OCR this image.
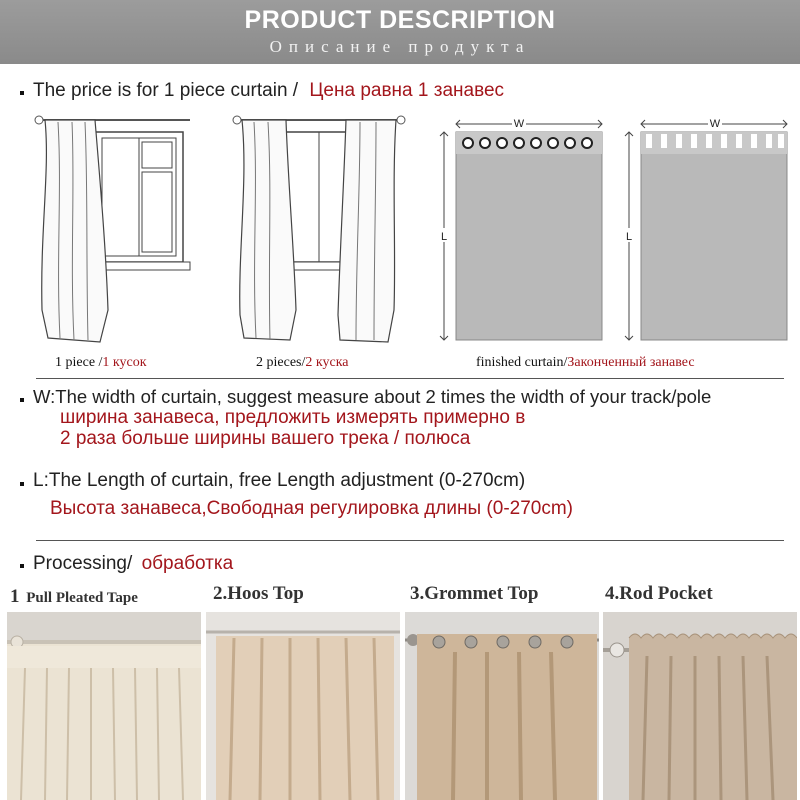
PRODUCT DESCRIPTION
Описание продукта
The price is for 1 piece curtain / Цена равна 1 занавес
1 piece /1 кусок	2 pieces/2 куска
W
L
W
L
finished curtain/Законченный занавес
W:The width of curtain, suggest measure about 2 times the width of your track/pole
ширина занавеса, предложить измерять примерно в
2 раза больше ширины вашего трека / полюса
L:The Length of curtain, free Length adjustment (0-270cm)
Высота занавеса,Свободная регулировка длины (0-270cm)
Processing/ обработка
1 Pull Pleated Tape	2.Hoos Top	3.Grommet Top	4.Rod Pocket
